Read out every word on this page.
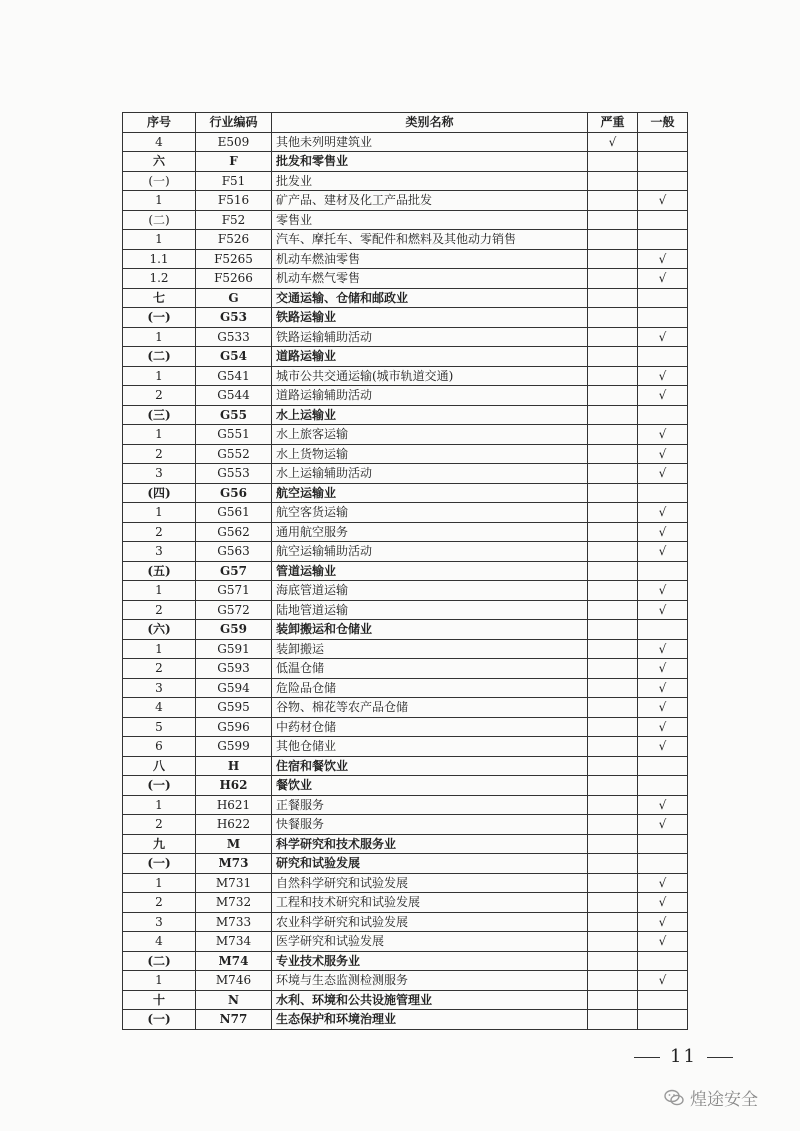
序号	行业编码	类别名称	严重	一般
4	E509	其他未列明建筑业	√	
六	F	批发和零售业		
(一)	F51	批发业		
1	F516	矿产品、建材及化工产品批发		√
(二)	F52	零售业		
1	F526	汽车、摩托车、零配件和燃料及其他动力销售		
1.1	F5265	机动车燃油零售		√
1.2	F5266	机动车燃气零售		√
七	G	交通运输、仓储和邮政业		
(一)	G53	铁路运输业		
1	G533	铁路运输辅助活动		√
(二)	G54	道路运输业		
1	G541	城市公共交通运输(城市轨道交通)		√
2	G544	道路运输辅助活动		√
(三)	G55	水上运输业		
1	G551	水上旅客运输		√
2	G552	水上货物运输		√
3	G553	水上运输辅助活动		√
(四)	G56	航空运输业		
1	G561	航空客货运输		√
2	G562	通用航空服务		√
3	G563	航空运输辅助活动		√
(五)	G57	管道运输业		
1	G571	海底管道运输		√
2	G572	陆地管道运输		√
(六)	G59	装卸搬运和仓储业		
1	G591	装卸搬运		√
2	G593	低温仓储		√
3	G594	危险品仓储		√
4	G595	谷物、棉花等农产品仓储		√
5	G596	中药材仓储		√
6	G599	其他仓储业		√
八	H	住宿和餐饮业		
(一)	H62	餐饮业		
1	H621	正餐服务		√
2	H622	快餐服务		√
九	M	科学研究和技术服务业		
(一)	M73	研究和试验发展		
1	M731	自然科学研究和试验发展		√
2	M732	工程和技术研究和试验发展		√
3	M733	农业科学研究和试验发展		√
4	M734	医学研究和试验发展		√
(二)	M74	专业技术服务业		
1	M746	环境与生态监测检测服务		√
十	N	水利、环境和公共设施管理业		
(一)	N77	生态保护和环境治理业		
11
煌途安全
